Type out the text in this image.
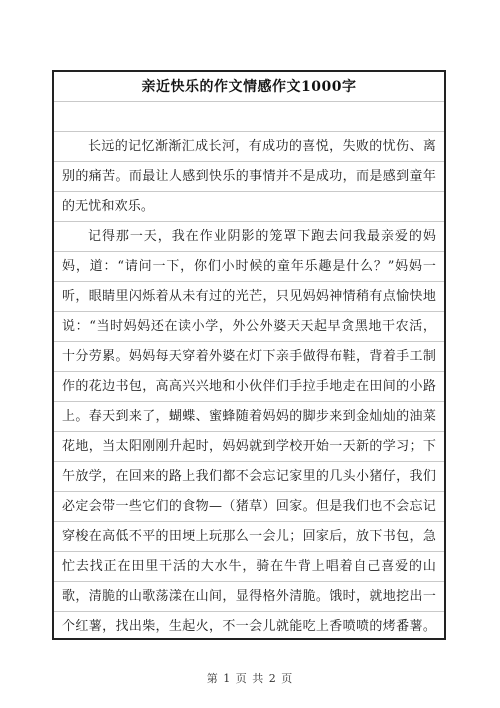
亲近快乐的作文情感作文1000字

长远的记忆渐渐汇成长河，有成功的喜悦，失败的忧伤、离别的痛苦。而最让人感到快乐的事情并不是成功，而是感到童年的无忧和欢乐。

记得那一天，我在作业阴影的笼罩下跑去问我最亲爱的妈妈，道：“请问一下，你们小时候的童年乐趣是什么？”妈妈一听，眼睛里闪烁着从未有过的光芒，只见妈妈神情稍有点愉快地说：“当时妈妈还在读小学，外公外婆天天起早贪黑地干农活，十分劳累。妈妈每天穿着外婆在灯下亲手做得布鞋，背着手工制作的花边书包，高高兴兴地和小伙伴们手拉手地走在田间的小路上。春天到来了，蝴蝶、蜜蜂随着妈妈的脚步来到金灿灿的油菜花地，当太阳刚刚升起时，妈妈就到学校开始一天新的学习；下午放学，在回来的路上我们都不会忘记家里的几头小猪仔，我们必定会带一些它们的食物—（猪草）回家。但是我们也不会忘记穿梭在高低不平的田埂上玩那么一会儿；回家后，放下书包，急忙去找正在田里干活的大水牛，骑在牛背上唱着自己喜爱的山歌，清脆的山歌荡漾在山间，显得格外清脆。饿时，就地挖出一个红薯，找出柴，生起火，不一会儿就能吃上香喷喷的烤番薯。

第 1 页 共 2 页
